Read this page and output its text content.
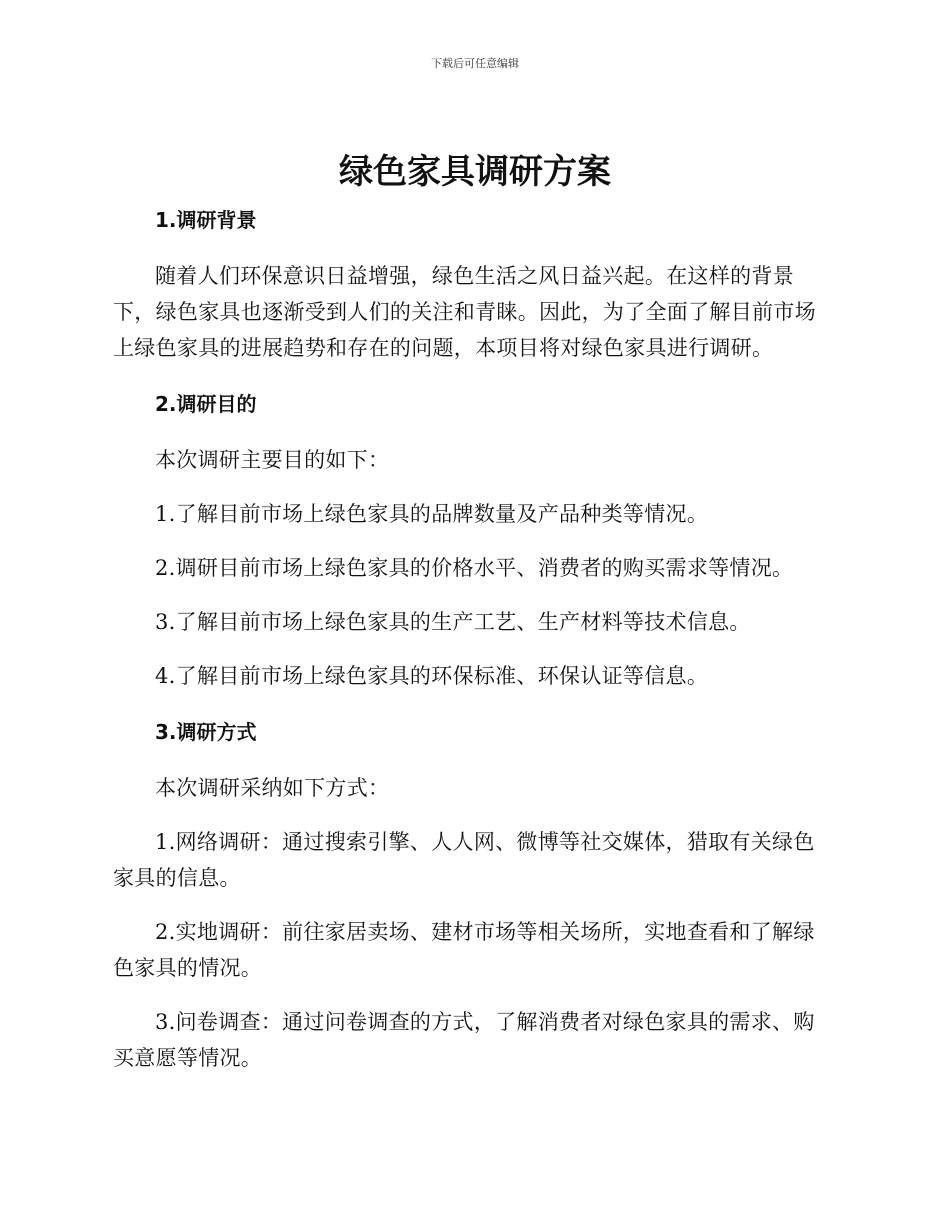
下载后可任意编辑
绿色家具调研方案
1.调研背景

随着人们环保意识日益增强，绿色生活之风日益兴起。在这样的背景下，绿色家具也逐渐受到人们的关注和青睐。因此，为了全面了解目前市场上绿色家具的进展趋势和存在的问题，本项目将对绿色家具进行调研。

2.调研目的

本次调研主要目的如下：

1.了解目前市场上绿色家具的品牌数量及产品种类等情况。

2.调研目前市场上绿色家具的价格水平、消费者的购买需求等情况。

3.了解目前市场上绿色家具的生产工艺、生产材料等技术信息。

4.了解目前市场上绿色家具的环保标准、环保认证等信息。

3.调研方式

本次调研采纳如下方式：

1.网络调研：通过搜索引擎、人人网、微博等社交媒体，猎取有关绿色家具的信息。

2.实地调研：前往家居卖场、建材市场等相关场所，实地查看和了解绿色家具的情况。

3.问卷调查：通过问卷调查的方式，了解消费者对绿色家具的需求、购买意愿等情况。
